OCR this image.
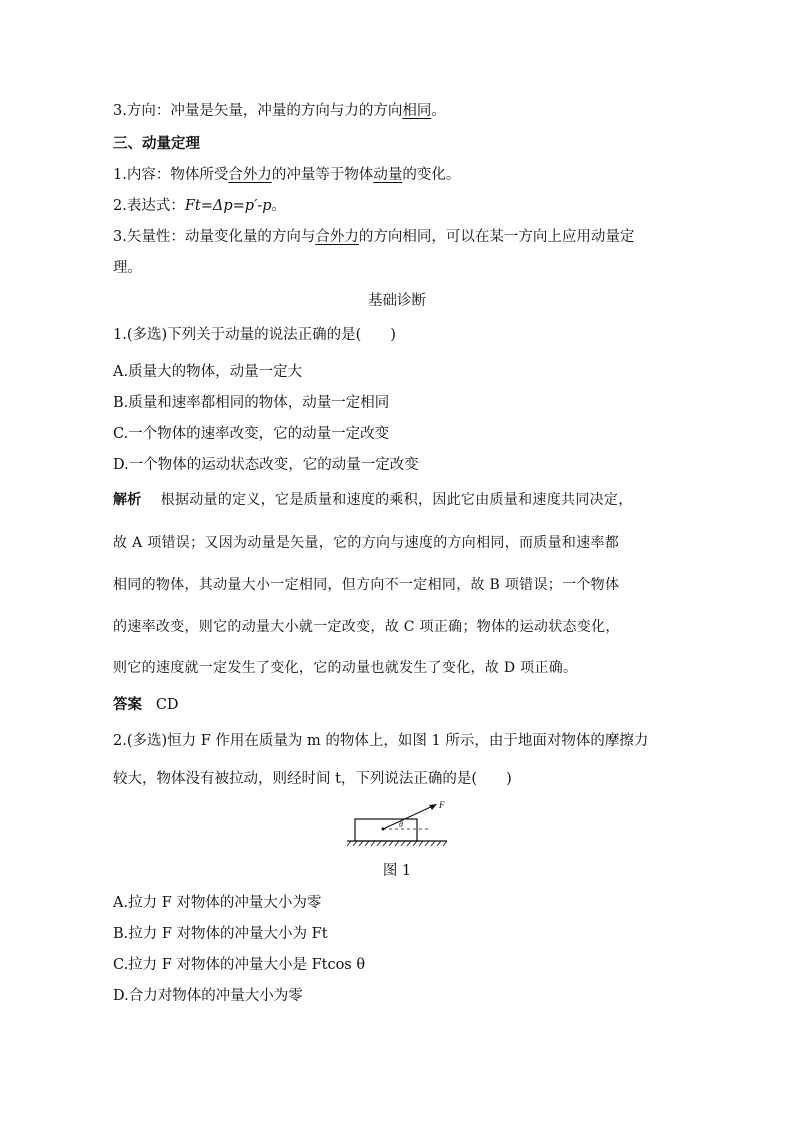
3.方向：冲量是矢量，冲量的方向与力的方向相同。
三、动量定理
1.内容：物体所受合外力的冲量等于物体动量的变化。
2.表达式：Ft=Δp=p′-p。
3.矢量性：动量变化量的方向与合外力的方向相同，可以在某一方向上应用动量定
理。
基础诊断
1.(多选)下列关于动量的说法正确的是(　　)
A.质量大的物体，动量一定大
B.质量和速率都相同的物体，动量一定相同
C.一个物体的速率改变，它的动量一定改变
D.一个物体的运动状态改变，它的动量一定改变
解析 根据动量的定义，它是质量和速度的乘积，因此它由质量和速度共同决定，
故 A 项错误；又因为动量是矢量，它的方向与速度的方向相同，而质量和速率都
相同的物体，其动量大小一定相同，但方向不一定相同，故 B 项错误；一个物体
的速率改变，则它的动量大小就一定改变，故 C 项正确；物体的运动状态变化，
则它的速度就一定发生了变化，它的动量也就发生了变化，故 D 项正确。
答案 CD
2.(多选)恒力 F 作用在质量为 m 的物体上，如图 1 所示，由于地面对物体的摩擦力
较大，物体没有被拉动，则经时间 t，下列说法正确的是(　　)
F
θ
图 1
A.拉力 F 对物体的冲量大小为零
B.拉力 F 对物体的冲量大小为 Ft
C.拉力 F 对物体的冲量大小是 Ftcos θ
D.合力对物体的冲量大小为零
